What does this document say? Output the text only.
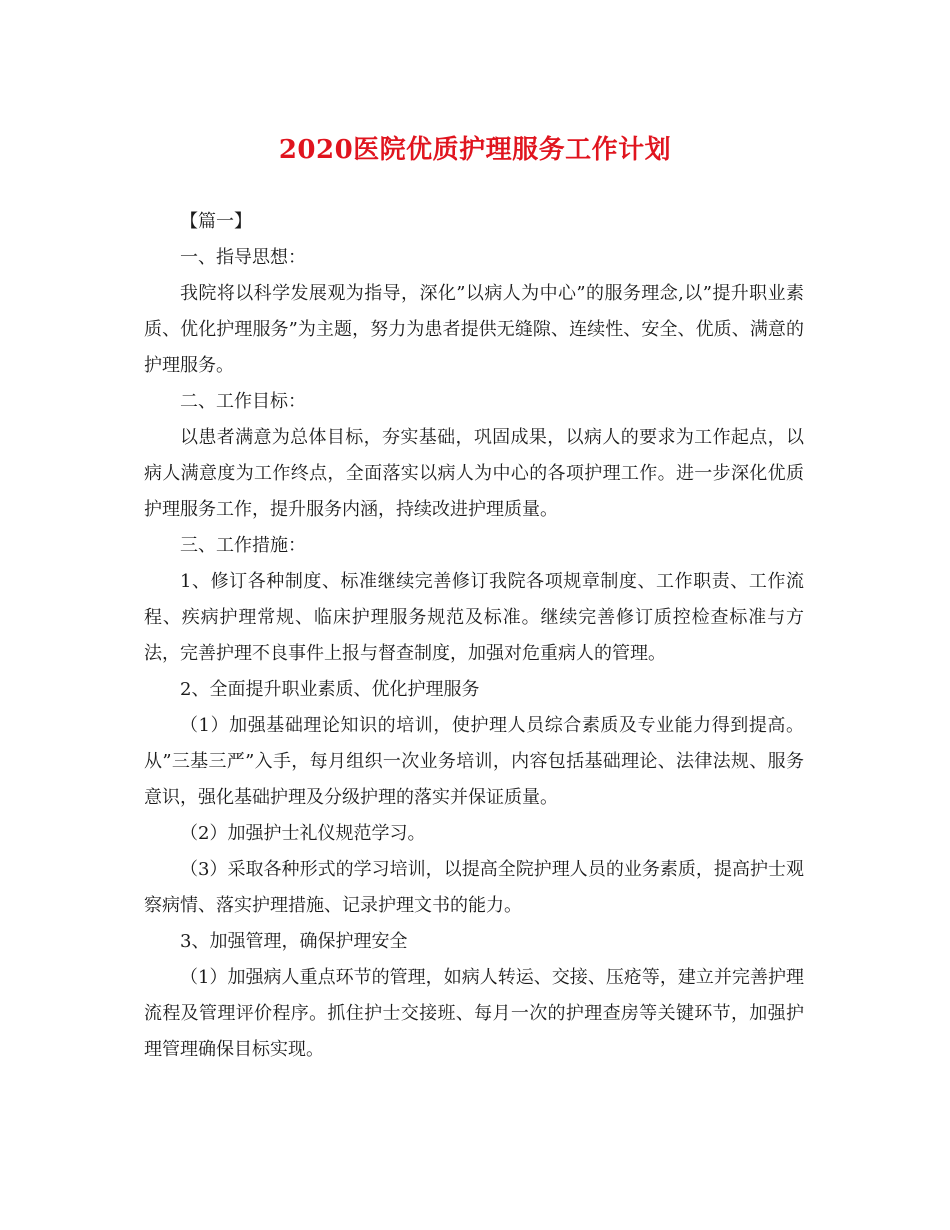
2020医院优质护理服务工作计划

【篇一】

一、指导思想：

我院将以科学发展观为指导，深化”以病人为中心”的服务理念,以”提升职业素质、优化护理服务”为主题，努力为患者提供无缝隙、连续性、安全、优质、满意的护理服务。

二、工作目标：

以患者满意为总体目标，夯实基础，巩固成果，以病人的要求为工作起点，以病人满意度为工作终点，全面落实以病人为中心的各项护理工作。进一步深化优质护理服务工作，提升服务内涵，持续改进护理质量。

三、工作措施：

1、修订各种制度、标准继续完善修订我院各项规章制度、工作职责、工作流程、疾病护理常规、临床护理服务规范及标准。继续完善修订质控检查标准与方法，完善护理不良事件上报与督查制度，加强对危重病人的管理。

2、全面提升职业素质、优化护理服务

（1）加强基础理论知识的培训，使护理人员综合素质及专业能力得到提高。从”三基三严”入手，每月组织一次业务培训，内容包括基础理论、法律法规、服务意识，强化基础护理及分级护理的落实并保证质量。

（2）加强护士礼仪规范学习。

（3）采取各种形式的学习培训，以提高全院护理人员的业务素质，提高护士观察病情、落实护理措施、记录护理文书的能力。

3、加强管理，确保护理安全

（1）加强病人重点环节的管理，如病人转运、交接、压疮等，建立并完善护理流程及管理评价程序。抓住护士交接班、每月一次的护理查房等关键环节，加强护理管理确保目标实现。
